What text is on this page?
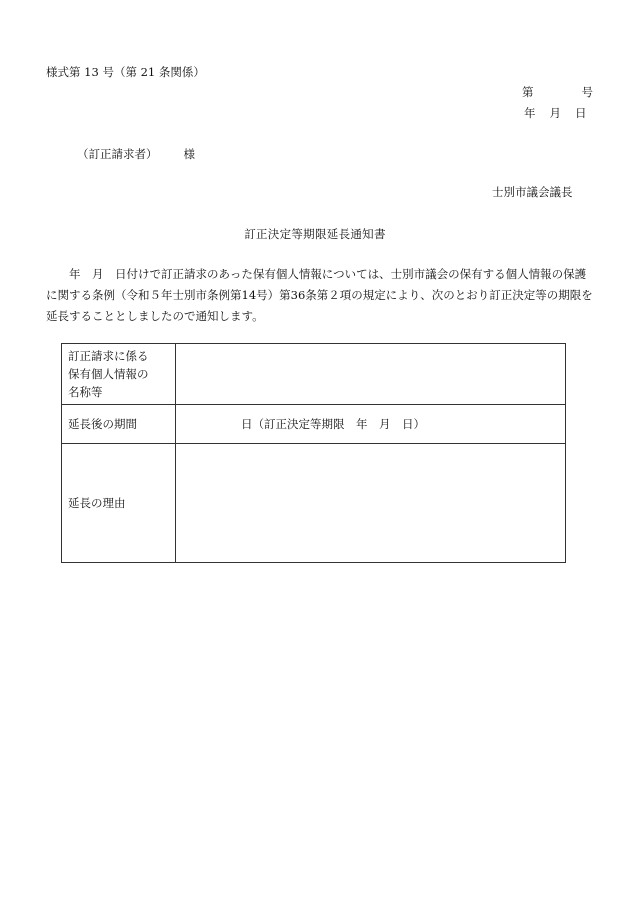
様式第 13 号（第 21 条関係）
第	号
年 月 日
（訂正請求者） 様
士別市議会議長
訂正決定等期限延長通知書

年　月　日付けで訂正請求のあった保有個人情報については、士別市議会の保有する個人情報の保護に関する条例（令和５年士別市条例第14号）第36条第２項の規定により、次のとおり訂正決定等の期限を延長することとしましたので通知します。

訂正請求に係る
保有個人情報の
名称等	

延長後の期間	日（訂正決定等期限　年　月　日）
延長の理由	
